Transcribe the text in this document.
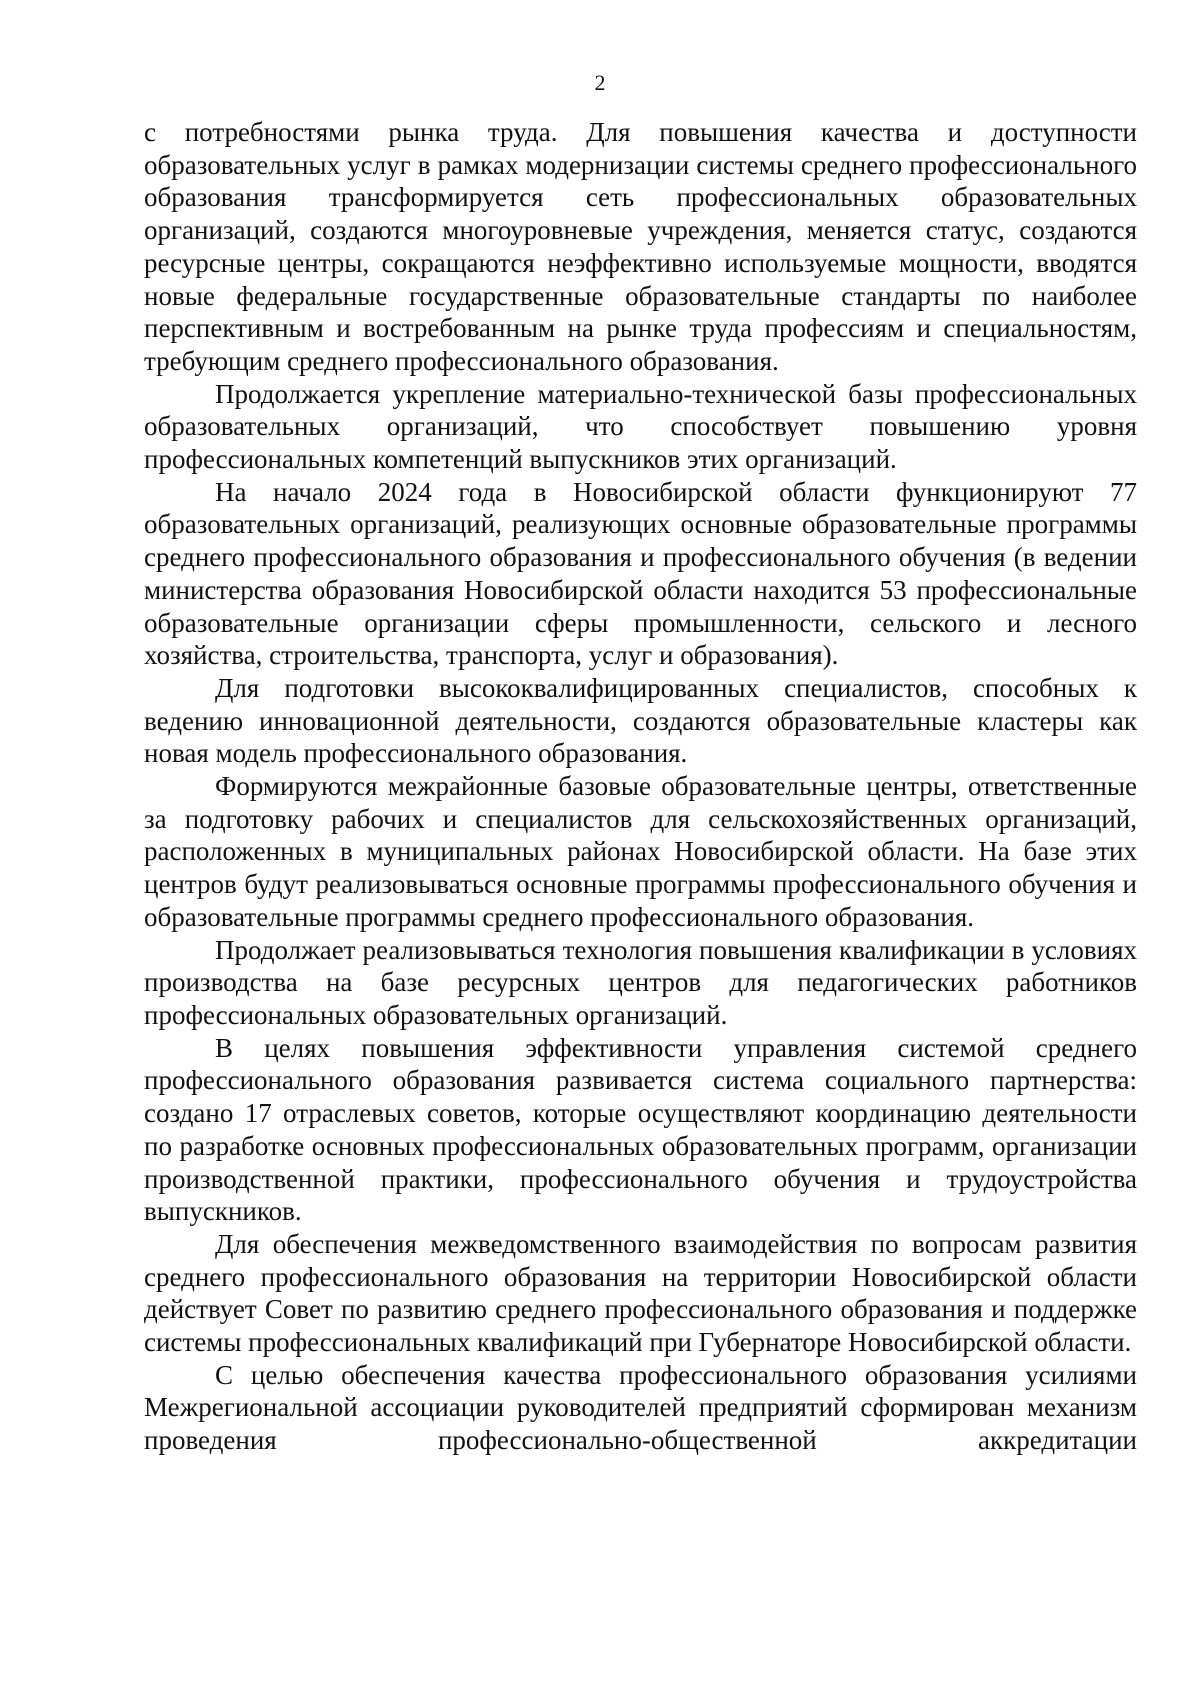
2

с потребностями рынка труда. Для повышения качества и доступности образовательных услуг в рамках модернизации системы среднего профессионального образования трансформируется сеть профессиональных образовательных организаций, создаются многоуровневые учреждения, меняется статус, создаются ресурсные центры, сокращаются неэффективно используемые мощности, вводятся новые федеральные государственные образовательные стандарты по наиболее перспективным и востребованным на рынке труда профессиям и специальностям, требующим среднего профессионального образования.

Продолжается укрепление материально-технической базы профессиональных образовательных организаций, что способствует повышению уровня профессиональных компетенций выпускников этих организаций.

На начало 2024 года в Новосибирской области функционируют 77 образовательных организаций, реализующих основные образовательные программы среднего профессионального образования и профессионального обучения (в ведении министерства образования Новосибирской области находится 53 профессиональные образовательные организации сферы промышленности, сельского и лесного хозяйства, строительства, транспорта, услуг и образования).

Для подготовки высококвалифицированных специалистов, способных к ведению инновационной деятельности, создаются образовательные кластеры как новая модель профессионального образования.

Формируются межрайонные базовые образовательные центры, ответственные за подготовку рабочих и специалистов для сельскохозяйственных организаций, расположенных в муниципальных районах Новосибирской области. На базе этих центров будут реализовываться основные программы профессионального обучения и образовательные программы среднего профессионального образования.

Продолжает реализовываться технология повышения квалификации в условиях производства на базе ресурсных центров для педагогических работников профессиональных образовательных организаций.

В целях повышения эффективности управления системой среднего профессионального образования развивается система социального партнерства: создано 17 отраслевых советов, которые осуществляют координацию деятельности по разработке основных профессиональных образовательных программ, организации производственной практики, профессионального обучения и трудоустройства выпускников.

Для обеспечения межведомственного взаимодействия по вопросам развития среднего профессионального образования на территории Новосибирской области действует Совет по развитию среднего профессионального образования и поддержке системы профессиональных квалификаций при Губернаторе Новосибирской области.

С целью обеспечения качества профессионального образования усилиями Межрегиональной ассоциации руководителей предприятий сформирован механизм проведения профессионально-общественной аккредитации
